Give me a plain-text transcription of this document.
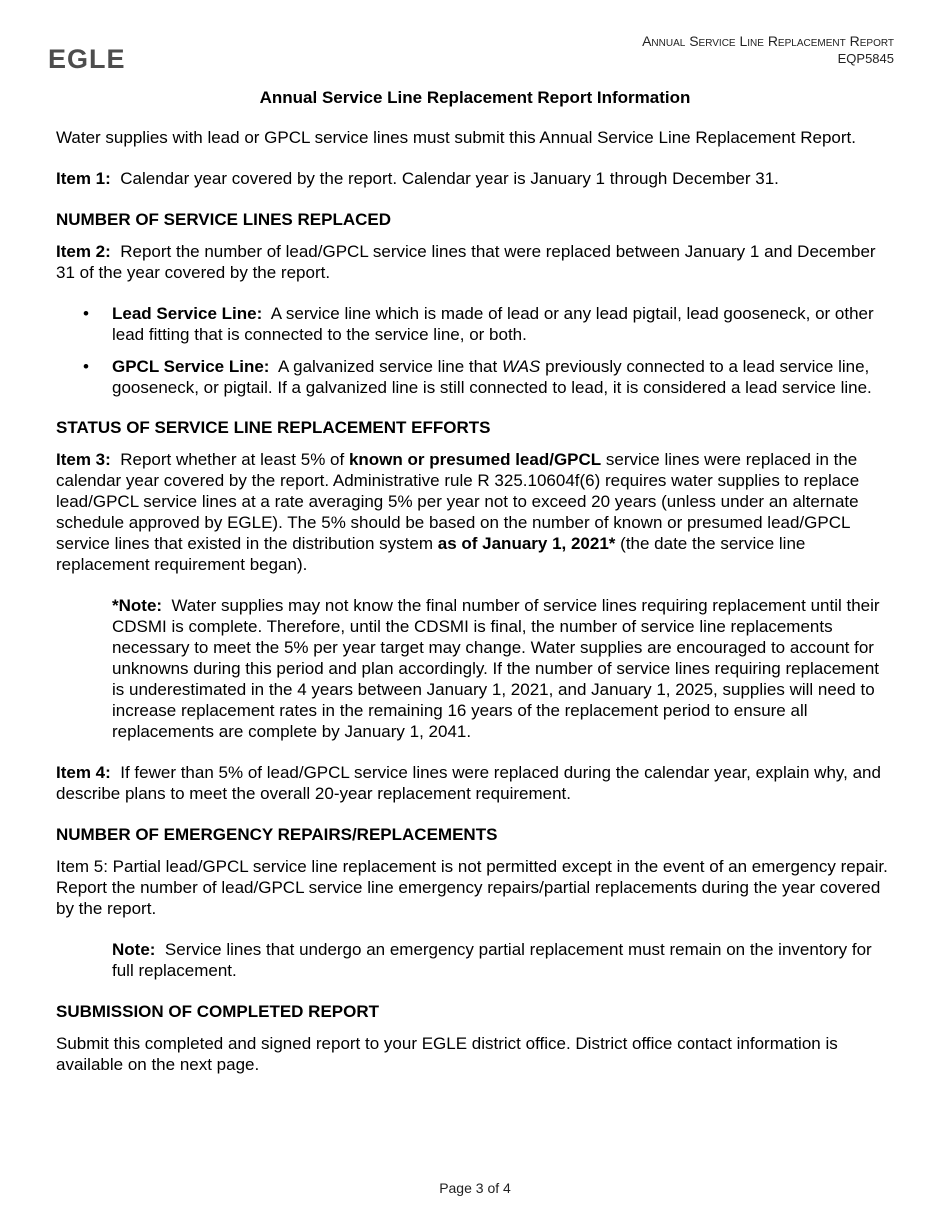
EGLE
Annual Service Line Replacement Report
EQP5845
Annual Service Line Replacement Report Information

Water supplies with lead or GPCL service lines must submit this Annual Service Line Replacement Report.

Item 1: Calendar year covered by the report. Calendar year is January 1 through December 31.

NUMBER OF SERVICE LINES REPLACED

Item 2: Report the number of lead/GPCL service lines that were replaced between January 1 and December 31 of the year covered by the report.

• Lead Service Line: A service line which is made of lead or any lead pigtail, lead gooseneck, or other lead fitting that is connected to the service line, or both.
• GPCL Service Line: A galvanized service line that WAS previously connected to a lead service line, gooseneck, or pigtail. If a galvanized line is still connected to lead, it is considered a lead service line.

STATUS OF SERVICE LINE REPLACEMENT EFFORTS

Item 3: Report whether at least 5% of known or presumed lead/GPCL service lines were replaced in the calendar year covered by the report. Administrative rule R 325.10604f(6) requires water supplies to replace lead/GPCL service lines at a rate averaging 5% per year not to exceed 20 years (unless under an alternate schedule approved by EGLE). The 5% should be based on the number of known or presumed lead/GPCL service lines that existed in the distribution system as of January 1, 2021* (the date the service line replacement requirement began).

*Note: Water supplies may not know the final number of service lines requiring replacement until their CDSMI is complete. Therefore, until the CDSMI is final, the number of service line replacements necessary to meet the 5% per year target may change. Water supplies are encouraged to account for unknowns during this period and plan accordingly. If the number of service lines requiring replacement is underestimated in the 4 years between January 1, 2021, and January 1, 2025, supplies will need to increase replacement rates in the remaining 16 years of the replacement period to ensure all replacements are complete by January 1, 2041.

Item 4: If fewer than 5% of lead/GPCL service lines were replaced during the calendar year, explain why, and describe plans to meet the overall 20-year replacement requirement.

NUMBER OF EMERGENCY REPAIRS/REPLACEMENTS

Item 5: Partial lead/GPCL service line replacement is not permitted except in the event of an emergency repair. Report the number of lead/GPCL service line emergency repairs/partial replacements during the year covered by the report.

Note: Service lines that undergo an emergency partial replacement must remain on the inventory for full replacement.

SUBMISSION OF COMPLETED REPORT

Submit this completed and signed report to your EGLE district office. District office contact information is available on the next page.

Page 3 of 4
